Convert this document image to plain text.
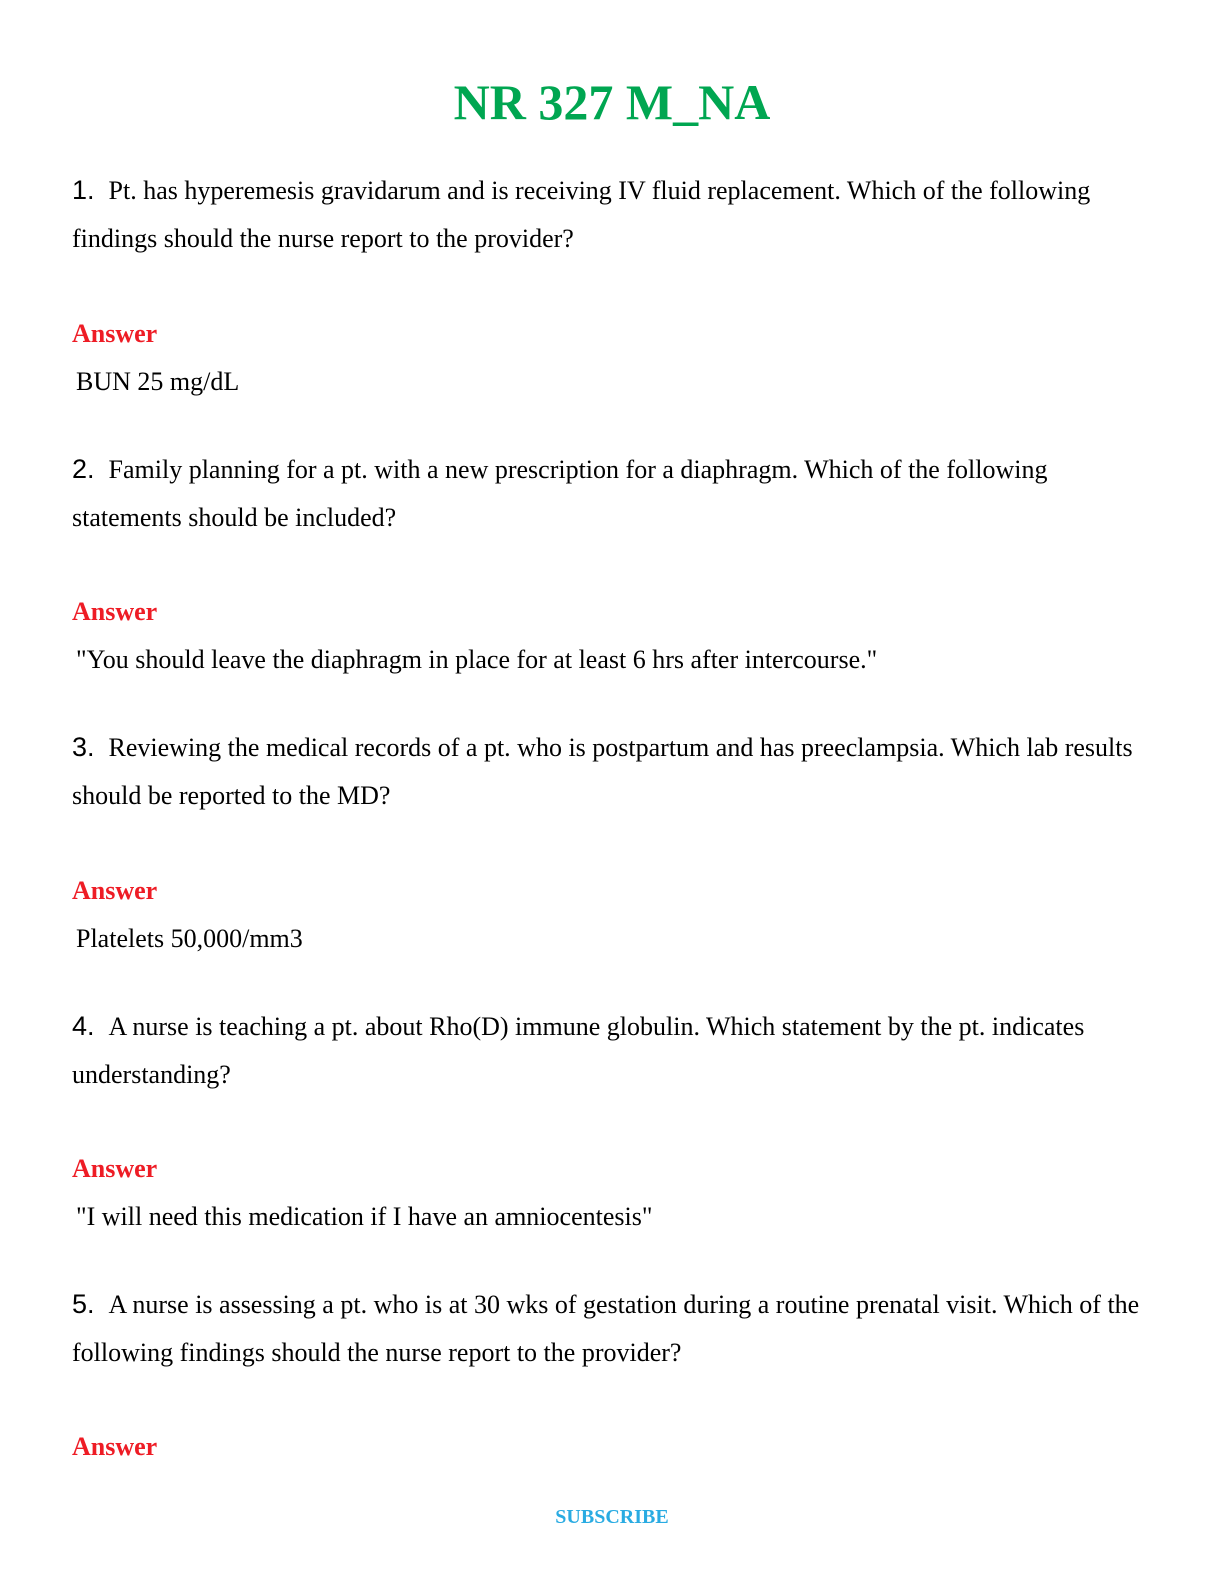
NR 327 M_NA

1. Pt. has hyperemesis gravidarum and is receiving IV fluid replacement. Which of the following findings should the nurse report to the provider?

Answer

BUN 25 mg/dL

2. Family planning for a pt. with a new prescription for a diaphragm. Which of the following statements should be included?

Answer

"You should leave the diaphragm in place for at least 6 hrs after intercourse."

3. Reviewing the medical records of a pt. who is postpartum and has preeclampsia. Which lab results should be reported to the MD?

Answer

Platelets 50,000/mm3

4. A nurse is teaching a pt. about Rho(D) immune globulin. Which statement by the pt. indicates understanding?

Answer

"I will need this medication if I have an amniocentesis"

5. A nurse is assessing a pt. who is at 30 wks of gestation during a routine prenatal visit. Which of the following findings should the nurse report to the provider?

Answer

SUBSCRIBE
